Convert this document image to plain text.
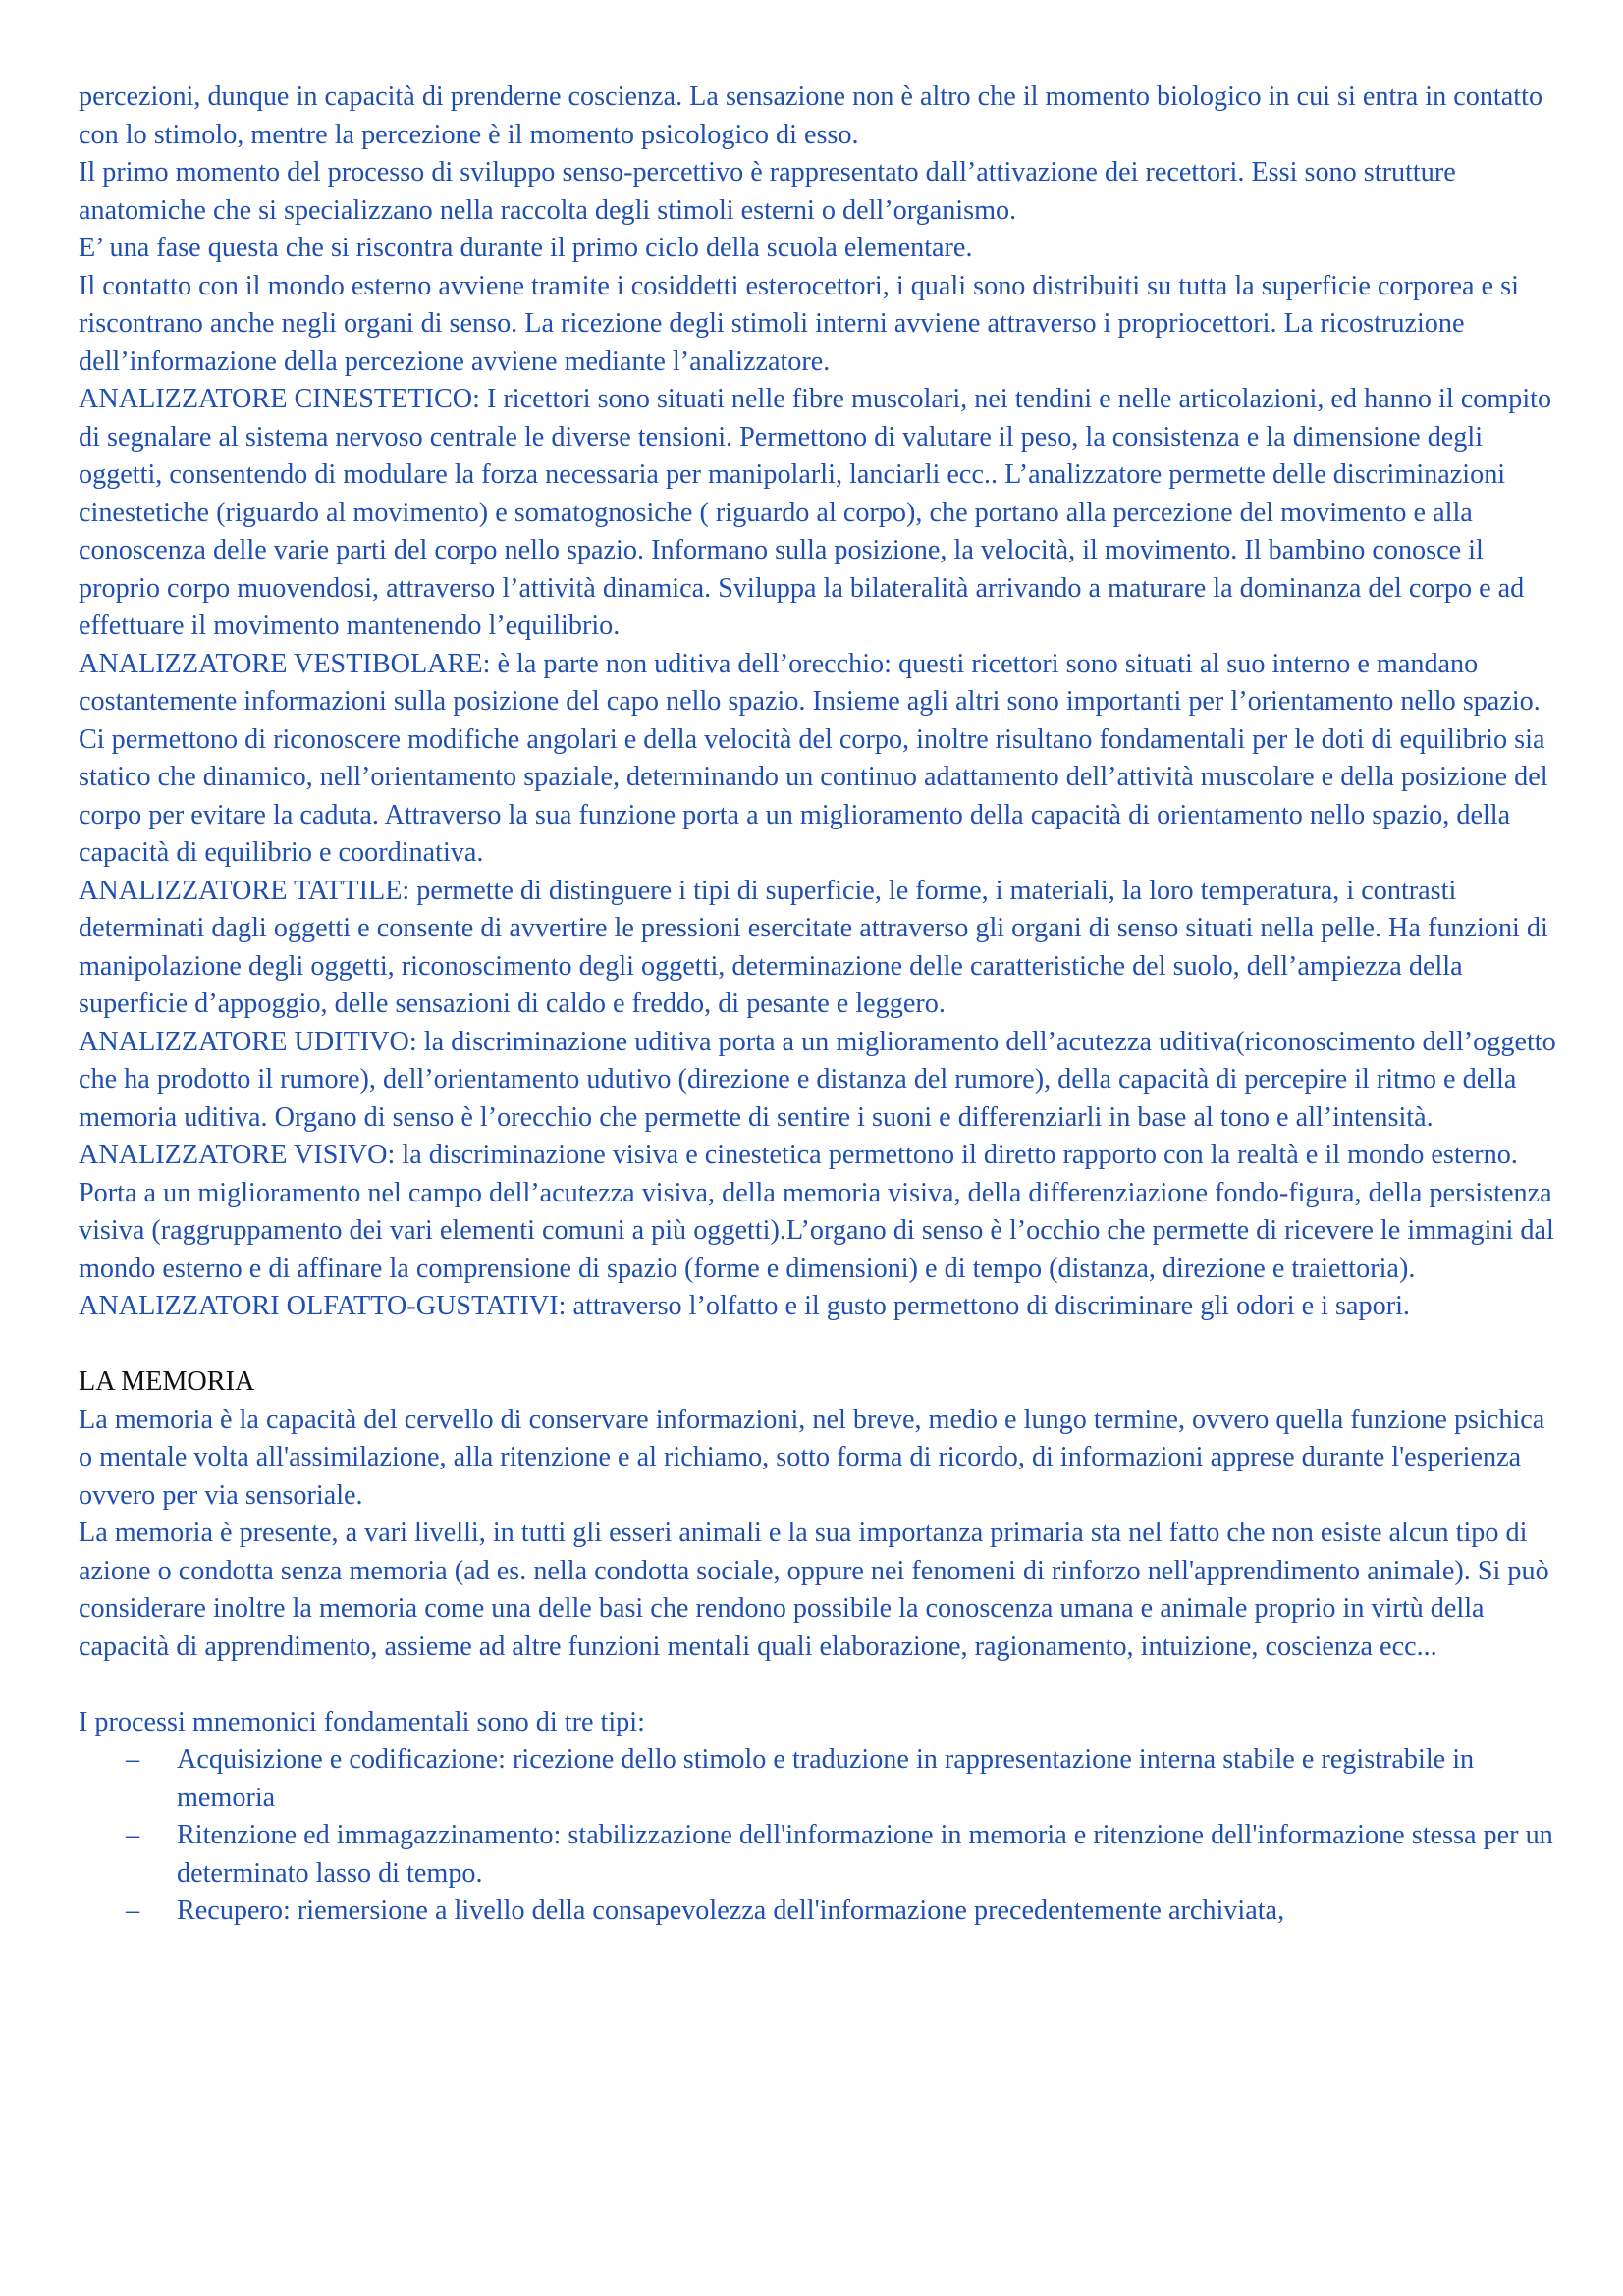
percezioni, dunque in capacità di prenderne coscienza. La sensazione non è altro che il momento biologico in cui si entra in contatto con lo stimolo, mentre la percezione è il momento psicologico di esso.

Il primo momento del processo di sviluppo senso-percettivo è rappresentato dall’attivazione dei recettori. Essi sono strutture anatomiche che si specializzano nella raccolta degli stimoli esterni o dell’organismo.

E’ una fase questa che si riscontra durante il primo ciclo della scuola elementare.

Il contatto con il mondo esterno avviene tramite i cosiddetti esterocettori, i quali sono distribuiti su tutta la superficie corporea e si riscontrano anche negli organi di senso. La ricezione degli stimoli interni avviene attraverso i propriocettori. La ricostruzione dell’informazione della percezione avviene mediante l’analizzatore.

ANALIZZATORE CINESTETICO: I ricettori sono situati nelle fibre muscolari, nei tendini e nelle articolazioni, ed hanno il compito di segnalare al sistema nervoso centrale le diverse tensioni. Permettono di valutare il peso, la consistenza e la dimensione degli oggetti, consentendo di modulare la forza necessaria per manipolarli, lanciarli ecc.. L’analizzatore permette delle discriminazioni cinestetiche (riguardo al movimento) e somatognosiche ( riguardo al corpo), che portano alla percezione del movimento e alla conoscenza delle varie parti del corpo nello spazio. Informano sulla posizione, la velocità, il movimento. Il bambino conosce il proprio corpo muovendosi, attraverso l’attività dinamica. Sviluppa la bilateralità arrivando a maturare la dominanza del corpo e ad effettuare il movimento mantenendo l’equilibrio.

ANALIZZATORE VESTIBOLARE: è la parte non uditiva dell’orecchio: questi ricettori sono situati al suo interno e mandano costantemente informazioni sulla posizione del capo nello spazio. Insieme agli altri sono importanti per l’orientamento nello spazio. Ci permettono di riconoscere modifiche angolari e della velocità del corpo, inoltre risultano fondamentali per le doti di equilibrio sia statico che dinamico, nell’orientamento spaziale, determinando un continuo adattamento dell’attività muscolare e della posizione del corpo per evitare la caduta. Attraverso la sua funzione porta a un miglioramento della capacità di orientamento nello spazio, della capacità di equilibrio e coordinativa.

ANALIZZATORE TATTILE: permette di distinguere i tipi di superficie, le forme, i materiali, la loro temperatura, i contrasti determinati dagli oggetti e consente di avvertire le pressioni esercitate attraverso gli organi di senso situati nella pelle. Ha funzioni di manipolazione degli oggetti, riconoscimento degli oggetti, determinazione delle caratteristiche del suolo, dell’ampiezza della superficie d’appoggio, delle sensazioni di caldo e freddo, di pesante e leggero.

ANALIZZATORE UDITIVO: la discriminazione uditiva porta a un miglioramento dell’acutezza uditiva(riconoscimento dell’oggetto che ha prodotto il rumore), dell’orientamento udutivo (direzione e distanza del rumore), della capacità di percepire il ritmo e della memoria uditiva. Organo di senso è l’orecchio che permette di sentire i suoni e differenziarli in base al tono e all’intensità.

ANALIZZATORE VISIVO: la discriminazione visiva e cinestetica permettono il diretto rapporto con la realtà e il mondo esterno. Porta a un miglioramento nel campo dell’acutezza visiva, della memoria visiva, della differenziazione fondo-figura, della persistenza visiva (raggruppamento dei vari elementi comuni a più oggetti).L’organo di senso è l’occhio che permette di ricevere le immagini dal mondo esterno e di affinare la comprensione di spazio (forme e dimensioni) e di tempo (distanza, direzione e traiettoria).

ANALIZZATORI OLFATTO-GUSTATIVI: attraverso l’olfatto e il gusto permettono di discriminare gli odori e i sapori.

LA MEMORIA

La memoria è la capacità del cervello di conservare informazioni, nel breve, medio e lungo termine, ovvero quella funzione psichica o mentale volta all'assimilazione, alla ritenzione e al richiamo, sotto forma di ricordo, di informazioni apprese durante l'esperienza ovvero per via sensoriale.

La memoria è presente, a vari livelli, in tutti gli esseri animali e la sua importanza primaria sta nel fatto che non esiste alcun tipo di azione o condotta senza memoria (ad es. nella condotta sociale, oppure nei fenomeni di rinforzo nell'apprendimento animale). Si può considerare inoltre la memoria come una delle basi che rendono possibile la conoscenza umana e animale proprio in virtù della capacità di apprendimento, assieme ad altre funzioni mentali quali elaborazione, ragionamento, intuizione, coscienza ecc...

I processi mnemonici fondamentali sono di tre tipi:

– Acquisizione e codificazione: ricezione dello stimolo e traduzione in rappresentazione interna stabile e registrabile in memoria
– Ritenzione ed immagazzinamento: stabilizzazione dell'informazione in memoria e ritenzione dell'informazione stessa per un determinato lasso di tempo.
– Recupero: riemersione a livello della consapevolezza dell'informazione precedentemente archiviata,
